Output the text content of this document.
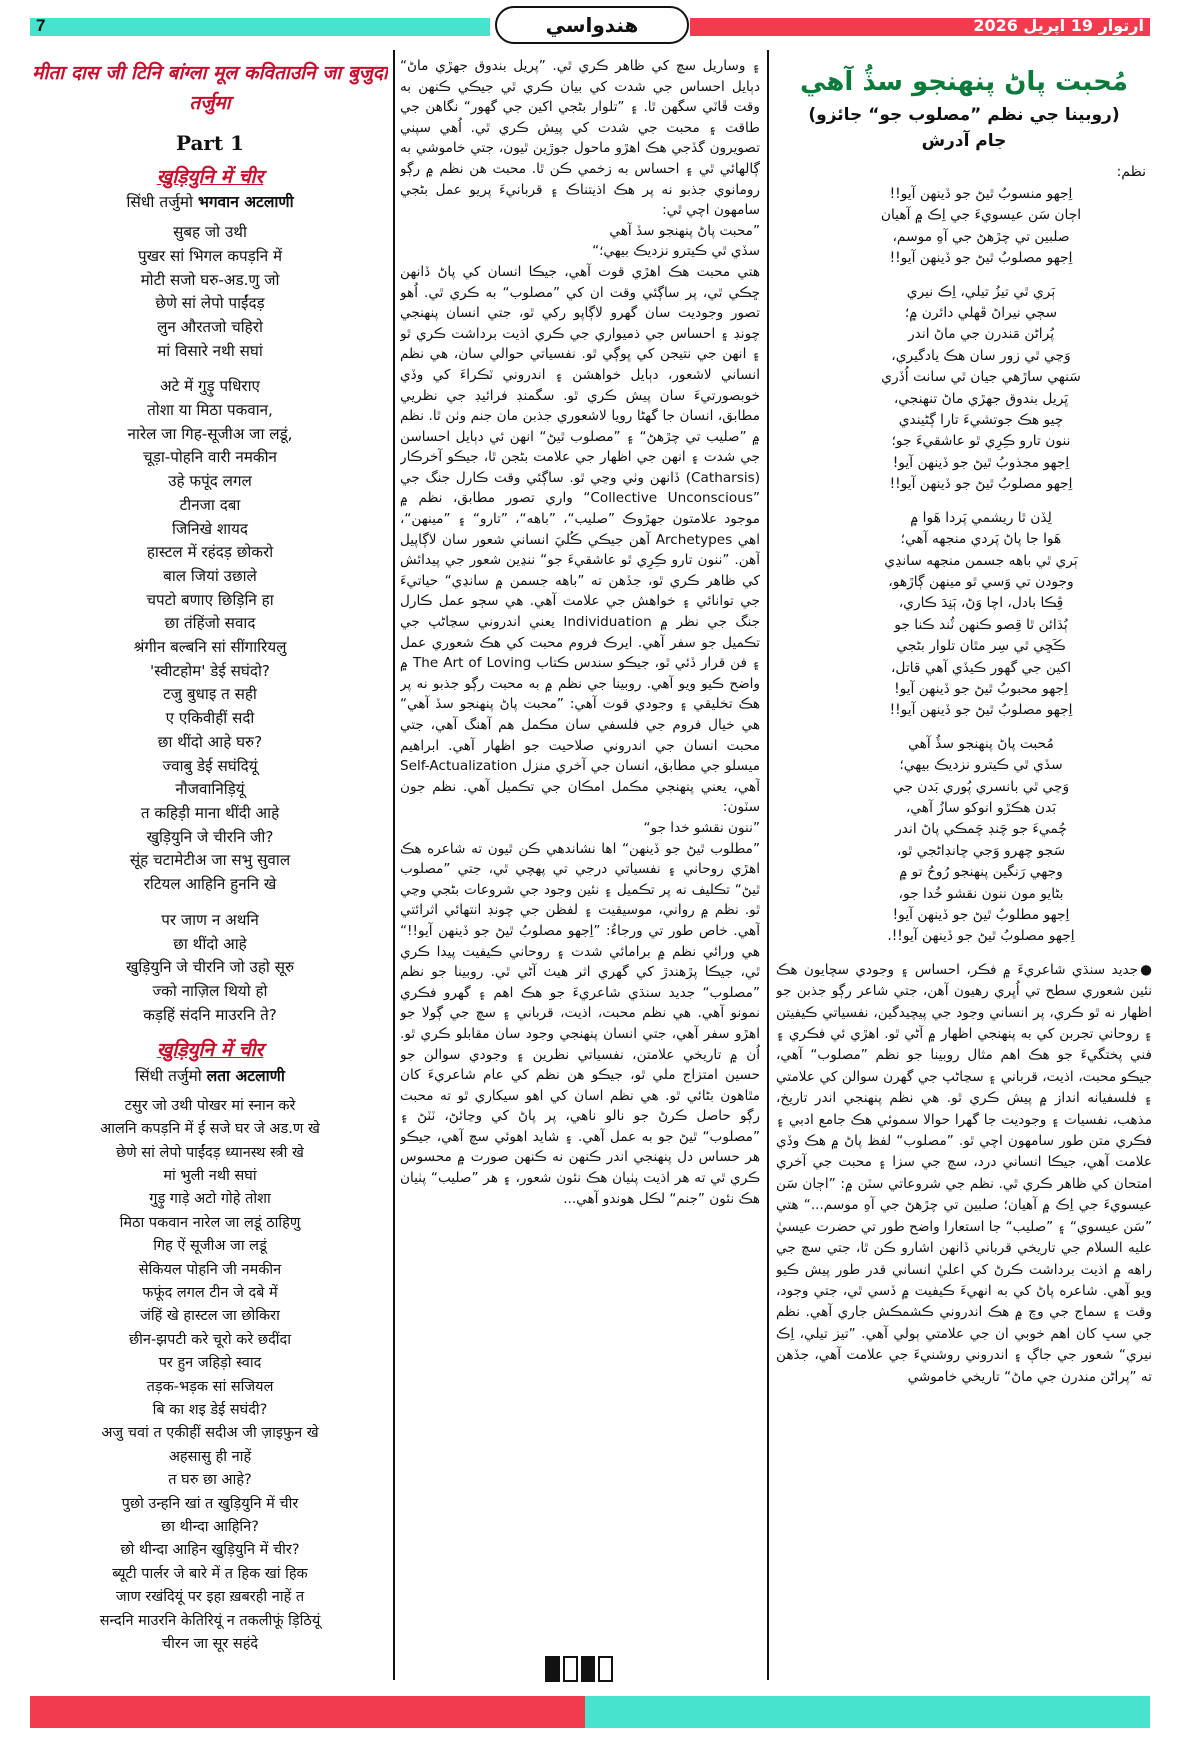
7	هندواسي	آرتوار 19 اپريل 2026
मीता दास जी टिनि बांग्ला मूल कविताउनि जा बुजुदा तर्जुमा
Part 1
खुड़ियुनि में चीर
सिंधी तर्जुमो भगवान अटलाणी
सुबह जो उथी
पुखर सां भिगल कपड़नि में
मोटी सजो घरु-अड.णु जो
छेणे सां लेपो पाईंदड़
लुन औरतजो चहिरो
मां विसारे नथी सघां
अटे में गुड़ु पधिराए
तोशा या मिठा पकवान,
नारेल जा गिह-सूजीअ जा लडूं,
चूड़ा-पोहनि वारी नमकीन
उहे फपूंद लगल
टीनजा दबा
जिनिखे शायद
हास्टल में रहंदड़ छोकरो
बाल जियां उछाले
चपटो बणाए छिड़िनि हा
छा तंहिंजो सवाद
श्रंगीन बल्बनि सां सींगारियलु
'स्वीटहोम' डेई सघंदो?
टजु बुधाइ त सही
ए एकिवीहीं सदी
छा थींदो आहे घरु?
ज्वाबु डेई सघंदियूं
नौजवानिड़ियूं
त कहिड़ी माना थींदी आहे
खुड़ियुनि जे चीरनि जी?
सूंह चटामेटीअ जा सभु सुवाल
रटियल आहिनि हुननि खे
पर जाण न अथनि
छा थींदो आहे
खुड़ियुनि जे चीरनि जो उहो सूरु
ज्को नाज़िल थियो हो
कड़हिं संदनि माउरनि ते?
खुड़ियुनि में चीर
सिंधी तर्जुमो लता अटलाणी
टसुर जो उथी पोखर मां स्नान करे
आलनि कपड़नि में ई सजे घर जे अड.ण खे
छेणे सां लेपो पाईंदड़ ध्यानस्थ स्त्री खे
मां भुली नथी सघां
गुड़ु गाड़े अटो गोहे तोशा
मिठा पकवान नारेल जा लडूं ठाहिणु
गिह ऐं सूजीअ जा लडूं
सेकियल पोहनि जी नमकीन
फफूंद लगल टीन जे दबे में
जंहिं खे हास्टल जा छोकिरा
छीन-झपटी करे चूरो करे छदींदा
पर हुन जहिड़ो स्वाद
तड़क-भड़क सां सजियल
बि का शइ डेई सघंदी?
अजु चवां त एकीहीं सदीअ जी ज़ाइफुन खे
अहसासु ही नाहें
त घरु छा आहे?
पुछो उन्हनि खां त खुड़ियुनि में चीर
छा थीन्दा आहिनि?
छो थीन्दा आहिन खुड़ियुनि में चीर?
ब्यूटी पार्लर जे बारे में त हिक खां हिक
जाण रखंदियूं पर इहा ख़बरही नाहें त
सन्दनि माउरनि केतिरियूं न तकलीफूं ड़िठियूं
चीरन जा सूर सहंदे

۽ وساريل سچ کي ظاهر ڪري ٿي. ”پريل بندوق جهڙي ماڻ“ دٻايل احساس جي شدت کي بيان ڪري ٿي جيڪي ڪنهن به وقت ڦاٽي سگهن ٿا. ۽ ”تلوار بڻجي اکين جي گهور“ نگاهن جي طاقت ۽ محبت جي شدت کي پيش ڪري ٿي. اُهي سپني تصويرون گڏجي هڪ اهڙو ماحول جوڙين ٿيون، جتي خاموشي به ڳالهائي ٿي ۽ احساس به زخمي ڪن ٿا. محبت هن نظم ۾ رڳو رومانوي جذبو نه پر هڪ اذيتناڪ ۽ قربانيءَ پريو عمل بڻجي سامهون اچي ٿي:

”محبت پاڻ پنهنجو سڏ آهي

سڏي ٿي ڪيترو نزديڪ بيهي؛“

هتي محبت هڪ اهڙي قوت آهي، جيڪا انسان کي پاڻ ڏانهن ڇڪي ٿي، پر ساڳئي وقت ان کي ”مصلوب“ به ڪري ٿي. اُهو تصور وجوديت سان گهرو لاڳاپو رکي ٿو، جتي انسان پنهنجي چونڊ ۽ احساس جي ذميواري جي ڪري اذيت برداشت ڪري ٿو ۽ انهن جي نتيجن کي ڀوڳي ٿو. نفسياتي حوالي سان، هي نظم انساني لاشعور، دٻايل خواهشن ۽ اندروني ٽڪراءَ کي وڏي خوبصورتيءَ سان پيش ڪري ٿو. سگمنڊ فرائيڊ جي نظريي مطابق، انسان جا گهڻا رويا لاشعوري جذبن مان جنم وٺن ٿا. نظم ۾ ”صليب تي چڙهڻ“ ۽ ”مصلوب ٿيڻ“ انهن ئي دٻايل احساسن جي شدت ۽ انهن جي اظهار جي علامت بڻجن ٿا، جيڪو آخرڪار (Catharsis) ڏانهن وٺي وڃي ٿو. ساڳئي وقت ڪارل جنگ جي ”Collective Unconscious“ واري تصور مطابق، نظم ۾ موجود علامتون جهڙوڪ ”صليب“، ”باهه“، ”تارو“ ۽ ”مينهن“، اهي Archetypes آهن جيڪي ڪُليَ انساني شعور سان لاڳاپيل آهن. ”ننون تارو ڪِرِي ٿو عاشقيءَ جو“ ننڍين شعور جي پيدائش کي ظاهر ڪري ٿو، جڏهن ته ”باهه جسمن ۾ سانڍي“ حياتيءَ جي توانائي ۽ خواهش جي علامت آهي. هي سڄو عمل ڪارل جنگ جي نظر ۾ Individuation يعني اندروني سڃاڻپ جي تڪميل جو سفر آهي. ايرڪ فروم محبت کي هڪ شعوري عمل ۽ فن قرار ڏئي ٿو، جيڪو سندس ڪتاب The Art of Loving ۾ واضح ڪيو ويو آهي. روبينا جي نظم ۾ به محبت رڳو جذبو نه پر هڪ تخليقي ۽ وجودي قوت آهي: ”محبت پاڻ پنهنجو سڏ آهي“ هي خيال فروم جي فلسفي سان مڪمل هم آهنگ آهي، جتي محبت انسان جي اندروني صلاحيت جو اظهار آهي. ابراهيم ميسلو جي مطابق، انسان جي آخري منزل Self-Actualization آهي، يعني پنهنجي مڪمل امڪان جي تڪميل آهي. نظم جون سٽون:

”ننون نقشو خدا جو“

”مطلوب ٿيڻ جو ڏينهن“ اها نشاندهي ڪن ٿيون ته شاعره هڪ اهڙي روحاني ۽ نفسياتي درجي تي پهچي ٿي، جتي ”مصلوب ٿيڻ“ تڪليف نه پر تڪميل ۽ نئين وجود جي شروعات بڻجي وڃي ٿو. نظم ۾ رواني، موسيقيت ۽ لفظن جي چونڊ انتهائي اثرائتي آهي. خاص طور تي ورجاءُ: ”اِجهو مصلوبُ ٿيڻ جو ڏينهن آيو!!“ هي ورائي نظم ۾ برامائي شدت ۽ روحاني ڪيفيت پيدا ڪري ٿي، جيڪا پڙهندڙ کي گهري اثر هيٺ آڻي ٿي. روبينا جو نظم ”مصلوب“ جديد سنڌي شاعريءَ جو هڪ اهم ۽ گهرو فڪري نمونو آهي. هي نظم محبت، اذيت، قرباني ۽ سچ جي ڳولا جو اهڙو سفر آهي، جتي انسان پنهنجي وجود سان مقابلو ڪري ٿو. اُن ۾ تاريخي علامتن، نفسياتي نظرين ۽ وجودي سوالن جو حسين امتزاج ملي ٿو، جيڪو هن نظم کي عام شاعريءَ کان مٿاهون بڻائي ٿو. هي نظم اسان کي اهو سيکاري ٿو ته محبت رڳو حاصل ڪرڻ جو نالو ناهي، پر پاڻ کي وڃائڻ، ٽٽڻ ۽ ”مصلوب“ ٿيڻ جو به عمل آهي. ۽ شايد اهوئي سچ آهي، جيڪو هر حساس دل پنهنجي اندر ڪنهن نه ڪنهن صورت ۾ محسوس ڪري ٿي ته هر اذيت پٺيان هڪ نئون شعور، ۽ هر ”صليب“ پٺيان هڪ نئون ”جنم“ لڪل هوندو آهي...

مُحبت پاڻ پنهنجو سڏُ آهي
(روبينا جي نظم ”مصلوب جو“ جائزو)
جام آدرش
نظم:
اِجهو منسوبُ ٿيڻ جو ڏينهن آيو!!
اڄان سَن عيسويءَ جي اِڪ ۾ آهيان
صلبين تي چڙهڻ جي آهِ موسم،
اِجهو مصلوبُ ٿيڻ جو ڏينهن آيو!!
ٻَري ٿي تيزُ تيلي، اِڪ نيري
سڄي نيراڻ ڦهلي دائرن ۾؛
پُراڻن مَندرن جي ماڻ اندر
وَڃي ٿي زور سان هڪ يادگيري،
سَنهي ساڙهي جيان ٿي سانت اُڏري
ڀَريل بندوق جهڙي ماڻ تنهنجي،
چيو هڪ جوتشيءَ تارا ڳڻيندي
ننون تارو ڪِرِي ٿو عاشقيءَ جو؛
اِجهو مجذوبُ ٿيڻ جو ڏينهن آيو!
اِجهو مصلوبُ ٿيڻ جو ڏينهن آيو!!
لِڏن ٿا ريشمي پَردا هَوا ۾
هَوا جا پاڻ پَردي منجهه آهي؛
ٻَري ٿي باهه جسمن منجهه سانڍي
وجودن تي وَسي ٿو مينهن ڳاڙهو،
ڦِڪا بادل، اچا وَڻ، ٻَنِدَ ڪاري،
ٻُڌائن ٿا قِصو ڪنهن ٽُند ڪنا جو
ڪَڇي ٿي سِر مٿان تلوار بڻجي
اکين جي گهور ڪيڏي آهي قاتل،
اِجهو محبوبُ ٿيڻ جو ڏينهن آيو!
اِجهو مصلوبُ ٿيڻ جو ڏينهن آيو!!
مُحبت پاڻ پنهنجو سڏُ آهي
سڏي ٿي ڪيترو نزديڪ بيهي؛
وَڃي ٿي بانسري پُوري بَدن جي
بَدن هڪڙو انوکو سازُ آهي،
چُميءَ جو چَنڊ چَمڪي پاڻ اندر
سَجو چهرو وَجي چانڊاڻجي ٿو،
وجهي رَنگين پنهنجو رُوحُ تو ۾
بڻايو مون ننون نقشو خُدا جو،
اِجهو مطلوبُ ٿيڻ جو ڏينهن آيو!
اِجهو مصلوبُ ٿيڻ جو ڏينهن آيو!!.

●جديد سنڌي شاعريءَ ۾ فڪر، احساس ۽ وجودي سچايون هڪ نئين شعوري سطح تي اُڀري رهيون آهن، جتي شاعر رڳو جذبن جو اظهار نه ٿو ڪري، پر انساني وجود جي پيچيدگين، نفسياتي ڪيفيتن ۽ روحاني تجربن کي به پنهنجي اظهار ۾ آڻي ٿو. اهڙي ئي فڪري ۽ فني پختگيءَ جو هڪ اهم مثال روبينا جو نظم ”مصلوب“ آهي، جيڪو محبت، اذيت، قرباني ۽ سڃاڻپ جي گهرن سوالن کي علامتي ۽ فلسفيانه انداز ۾ پيش ڪري ٿو. هي نظم پنهنجي اندر تاريخ، مذهب، نفسيات ۽ وجوديت جا گهرا حوالا سموئي هڪ جامع ادبي ۽ فڪري متن طور سامهون اچي ٿو. ”مصلوب“ لفظ پاڻ ۾ هڪ وڏي علامت آهي، جيڪا انساني درد، سچ جي سزا ۽ محبت جي آخري امتحان کي ظاهر ڪري ٿي. نظم جي شروعاتي سٽن ۾: ”اڄان سَن عيسويءَ جي اِڪ ۾ آهيان؛ صلبين تي چڙهڻ جي آهِ موسم...“ هتي ”سَن عيسوي“ ۽ ”صليب“ جا استعارا واضح طور تي حضرت عيسيٰ عليه السلام جي تاريخي قرباني ڏانهن اشارو ڪن ٿا، جتي سچ جي راهه ۾ اذيت برداشت ڪرڻ کي اعليٰ انساني قدر طور پيش ڪيو ويو آهي. شاعره پاڻ کي به انهيءَ ڪيفيت ۾ ڏسي ٿي، جتي وجود، وقت ۽ سماج جي وچ ۾ هڪ اندروني ڪشمڪش جاري آهي. نظم جي سڀ کان اهم خوبي ان جي علامتي ٻولي آهي. ”تيز تيلي، اِڪ نيري“ شعور جي جاڳ ۽ اندروني روشنيءَ جي علامت آهي، جڏهن ته ”پراڻن مندرن جي ماڻ“ تاريخي خاموشي
